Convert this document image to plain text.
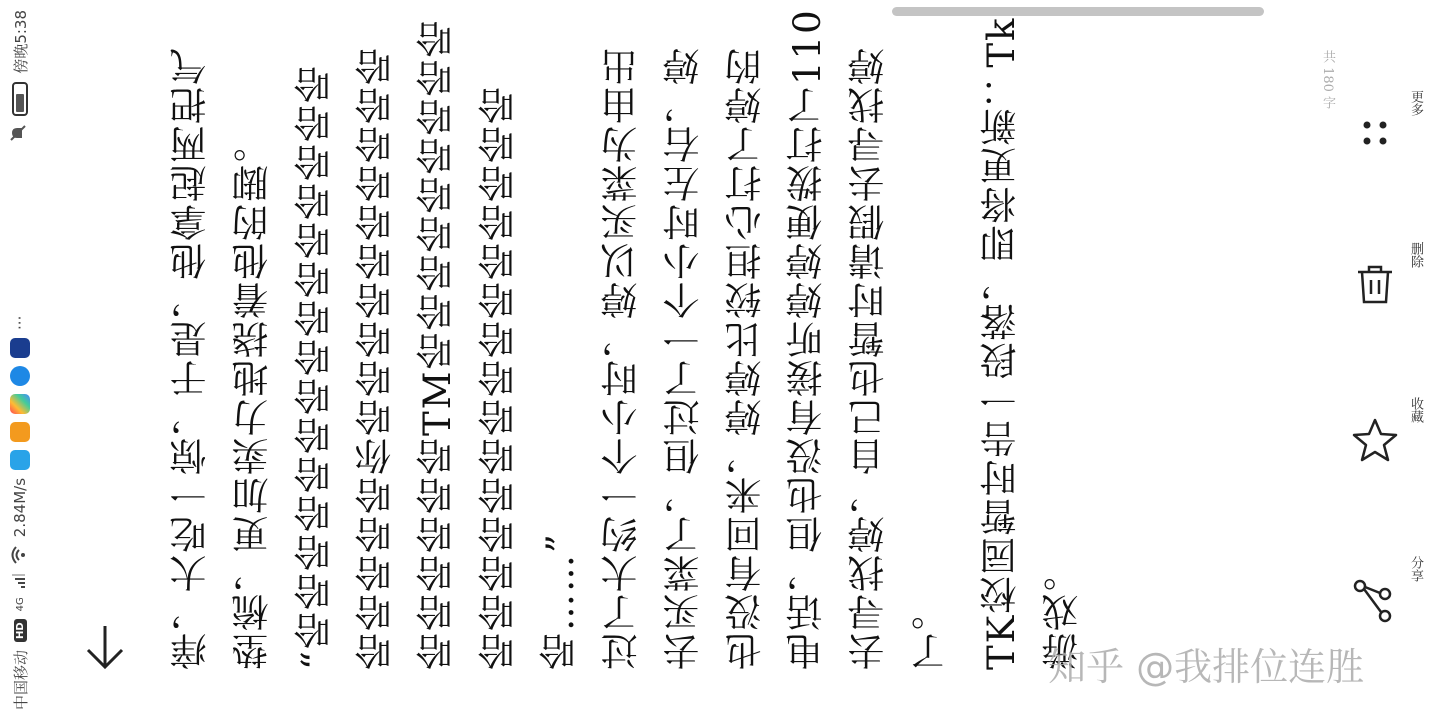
中国移动
HD
4G
2.84M/s
···
傍晚5:38
痒，大吃一惊，于是，他拿起两把气 垫梳，更加卖力地挠着他的脚。 “哈哈哈哈哈哈哈哈哈哈哈哈哈哈哈 哈哈哈哈哈你哈哈哈哈哈哈哈哈哈哈 哈哈哈哈哈哈TM哈哈哈哈哈哈哈哈哈 哈哈哈哈哈哈哈哈哈哈哈哈哈哈哈 哈……” 过了大约一个小时，婷以买菜为由出 去买菜了，但过了一个小时左右，婷 也没有回来，婷婷比较担心打了婷的 电话，但也没有接听婷婷便拨打了110 去寻找婷，自己也暂时请假去寻找婷 了。 TK校园暂时告一段落，即将更新：Tk 游戏。
共 180 字	更多
删除
收藏
分享
知乎 @我排位连胜
